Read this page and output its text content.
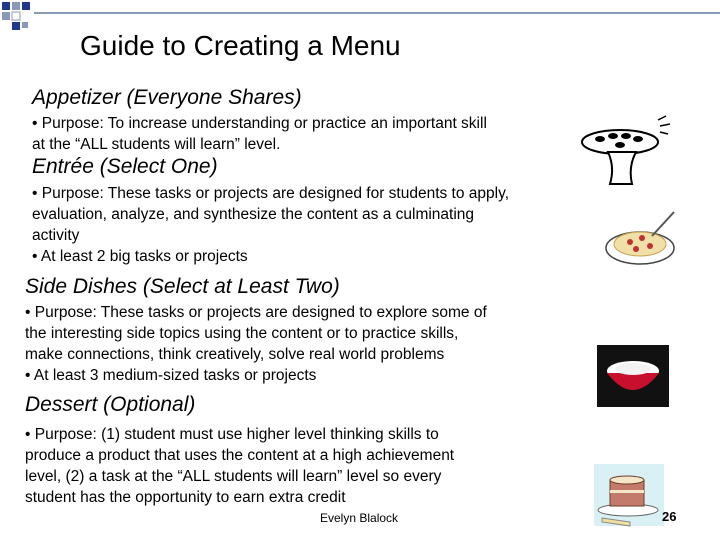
Guide to Creating a Menu
Appetizer (Everyone Shares)
• Purpose: To increase understanding or practice an important skill
at the “ALL students will learn” level.
Entrée (Select One)
• Purpose: These tasks or projects are designed for students to apply,
evaluation, analyze, and synthesize the content as a culminating
activity
• At least 2 big tasks or projects
Side Dishes (Select at Least Two)
• Purpose: These tasks or projects are designed to explore some of
the interesting side topics using the content or to practice skills,
make connections, think creatively, solve real world problems
• At least 3 medium-sized tasks or projects
Dessert (Optional)
• Purpose: (1) student must use higher level thinking skills to
produce a product that uses the content at a high achievement
level, (2) a task at the “ALL students will learn” level so every
student has the opportunity to earn extra credit
Evelyn Blalock	26
